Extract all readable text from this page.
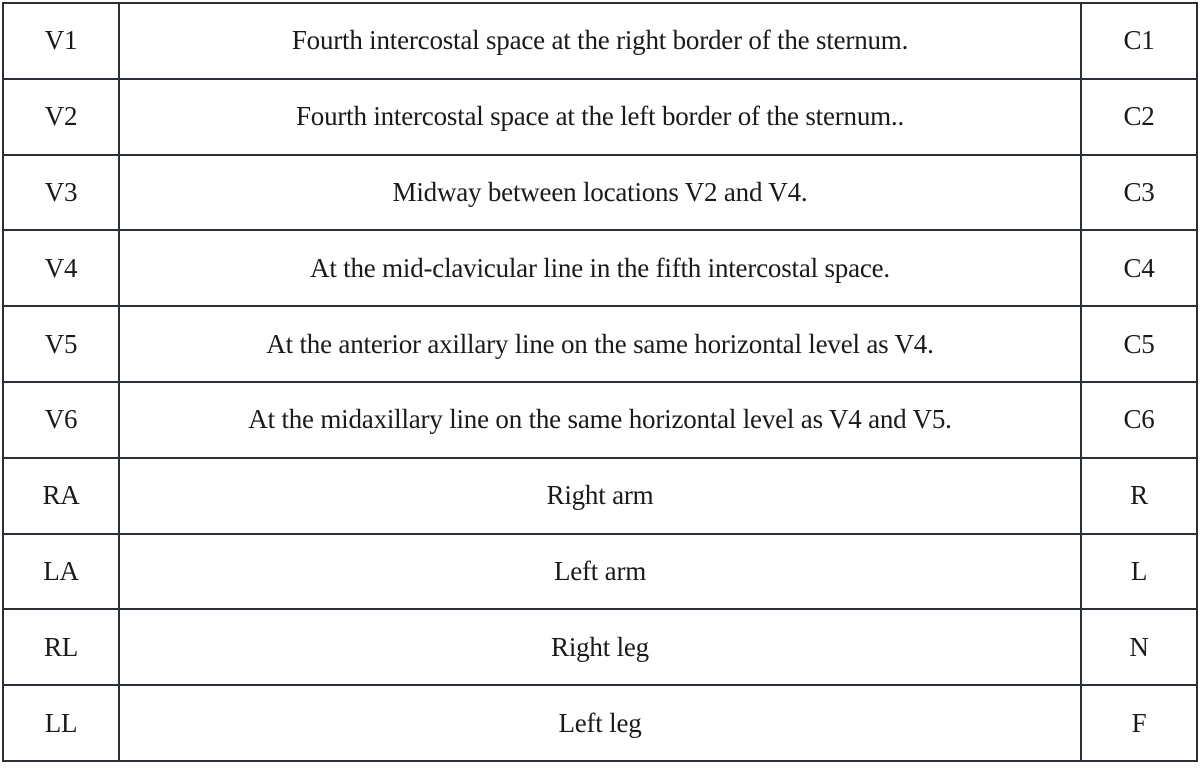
V1	Fourth intercostal space at the right border of the sternum.	C1
V2	Fourth intercostal space at the left border of the sternum..	C2
V3	Midway between locations V2 and V4.	C3
V4	At the mid-clavicular line in the fifth intercostal space.	C4
V5	At the anterior axillary line on the same horizontal level as V4.	C5
V6	At the midaxillary line on the same horizontal level as V4 and V5.	C6
RA	Right arm	R
LA	Left arm	L
RL	Right leg	N
LL	Left leg	F
